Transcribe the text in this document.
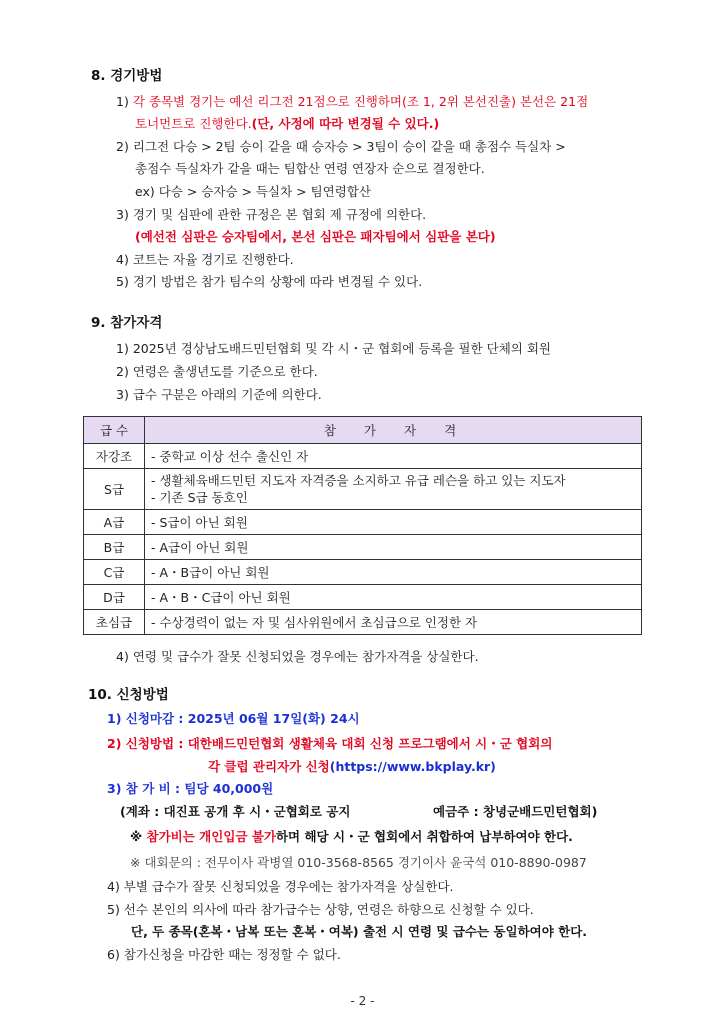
8. 경기방법
1) 각 종목별 경기는 예선 리그전 21점으로 진행하며(조 1, 2위 본선진출) 본선은 21점
토너먼트로 진행한다.(단, 사정에 따라 변경될 수 있다.)
2) 리그전 다승 > 2팀 승이 같을 때 승자승 > 3팀이 승이 같을 때 총점수 득실차 >
총점수 득실차가 같을 때는 팀합산 연령 연장자 순으로 결정한다.
ex) 다승 > 승자승 > 득실차 > 팀연령합산
3) 경기 및 심판에 관한 규정은 본 협회 제 규정에 의한다.
(예선전 심판은 승자팀에서, 본선 심판은 패자팀에서 심판을 본다)
4) 코트는 자율 경기로 진행한다.
5) 경기 방법은 참가 팀수의 상황에 따라 변경될 수 있다.
9. 참가자격
1) 2025년 경상남도배드민턴협회 및 각 시・군 협회에 등록을 필한 단체의 회원
2) 연령은 출생년도를 기준으로 한다.
3) 급수 구분은 아래의 기준에 의한다.
급 수	참가자격
자강조	- 중학교 이상 선수 출신인 자
S급	- 생활체육배드민턴 지도자 자격증을 소지하고 유급 레슨을 하고 있는 지도자
- 기존 S급 동호인

A급	- S급이 아닌 회원
B급	- A급이 아닌 회원
C급	- A・B급이 아닌 회원
D급	- A・B・C급이 아닌 회원
초심급	- 수상경력이 없는 자 및 심사위원에서 초심급으로 인정한 자
4) 연령 및 급수가 잘못 신청되었을 경우에는 참가자격을 상실한다.
10. 신청방법
1) 신청마감 : 2025년 06월 17일(화) 24시
2) 신청방법 : 대한배드민턴협회 생활체육 대회 신청 프로그램에서 시・군 협회의
각 클럽 관리자가 신청(https://www.bkplay.kr)
3) 참 가 비 : 팀당 40,000원
(계좌 : 대진표 공개 후 시・군협회로 공지	예금주 : 창녕군배드민턴협회)
※ 참가비는 개인입금 불가하며 해당 시・군 협회에서 취합하여 납부하여야 한다.
※ 대회문의 : 전무이사 곽병열 010-3568-8565 경기이사 윤국석 010-8890-0987
4) 부별 급수가 잘못 신청되었을 경우에는 참가자격을 상실한다.
5) 선수 본인의 의사에 따라 참가급수는 상향, 연령은 하향으로 신청할 수 있다.
단, 두 종목(혼복・남복 또는 혼복・여복) 출전 시 연령 및 급수는 동일하여야 한다.
6) 참가신청을 마감한 때는 정정할 수 없다.
- 2 -
